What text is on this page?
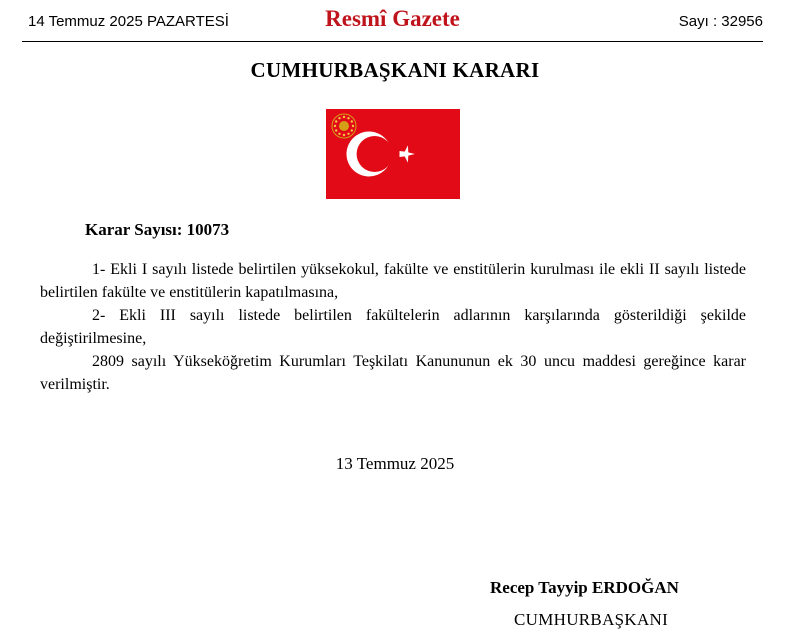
14 Temmuz 2025 PAZARTESİ	Resmî Gazete	Sayı : 32956
CUMHURBAŞKANI KARARI
Karar Sayısı: 10073

1- Ekli I sayılı listede belirtilen yüksekokul, fakülte ve enstitülerin kurulması ile ekli II sayılı listede belirtilen fakülte ve enstitülerin kapatılmasına,

2- Ekli III sayılı listede belirtilen fakültelerin adlarının karşılarında gösterildiği şekilde değiştirilmesine,

2809 sayılı Yükseköğretim Kurumları Teşkilatı Kanununun ek 30 uncu maddesi gereğince karar verilmiştir.

13 Temmuz 2025
Recep Tayyip ERDOĞAN
CUMHURBAŞKANI
